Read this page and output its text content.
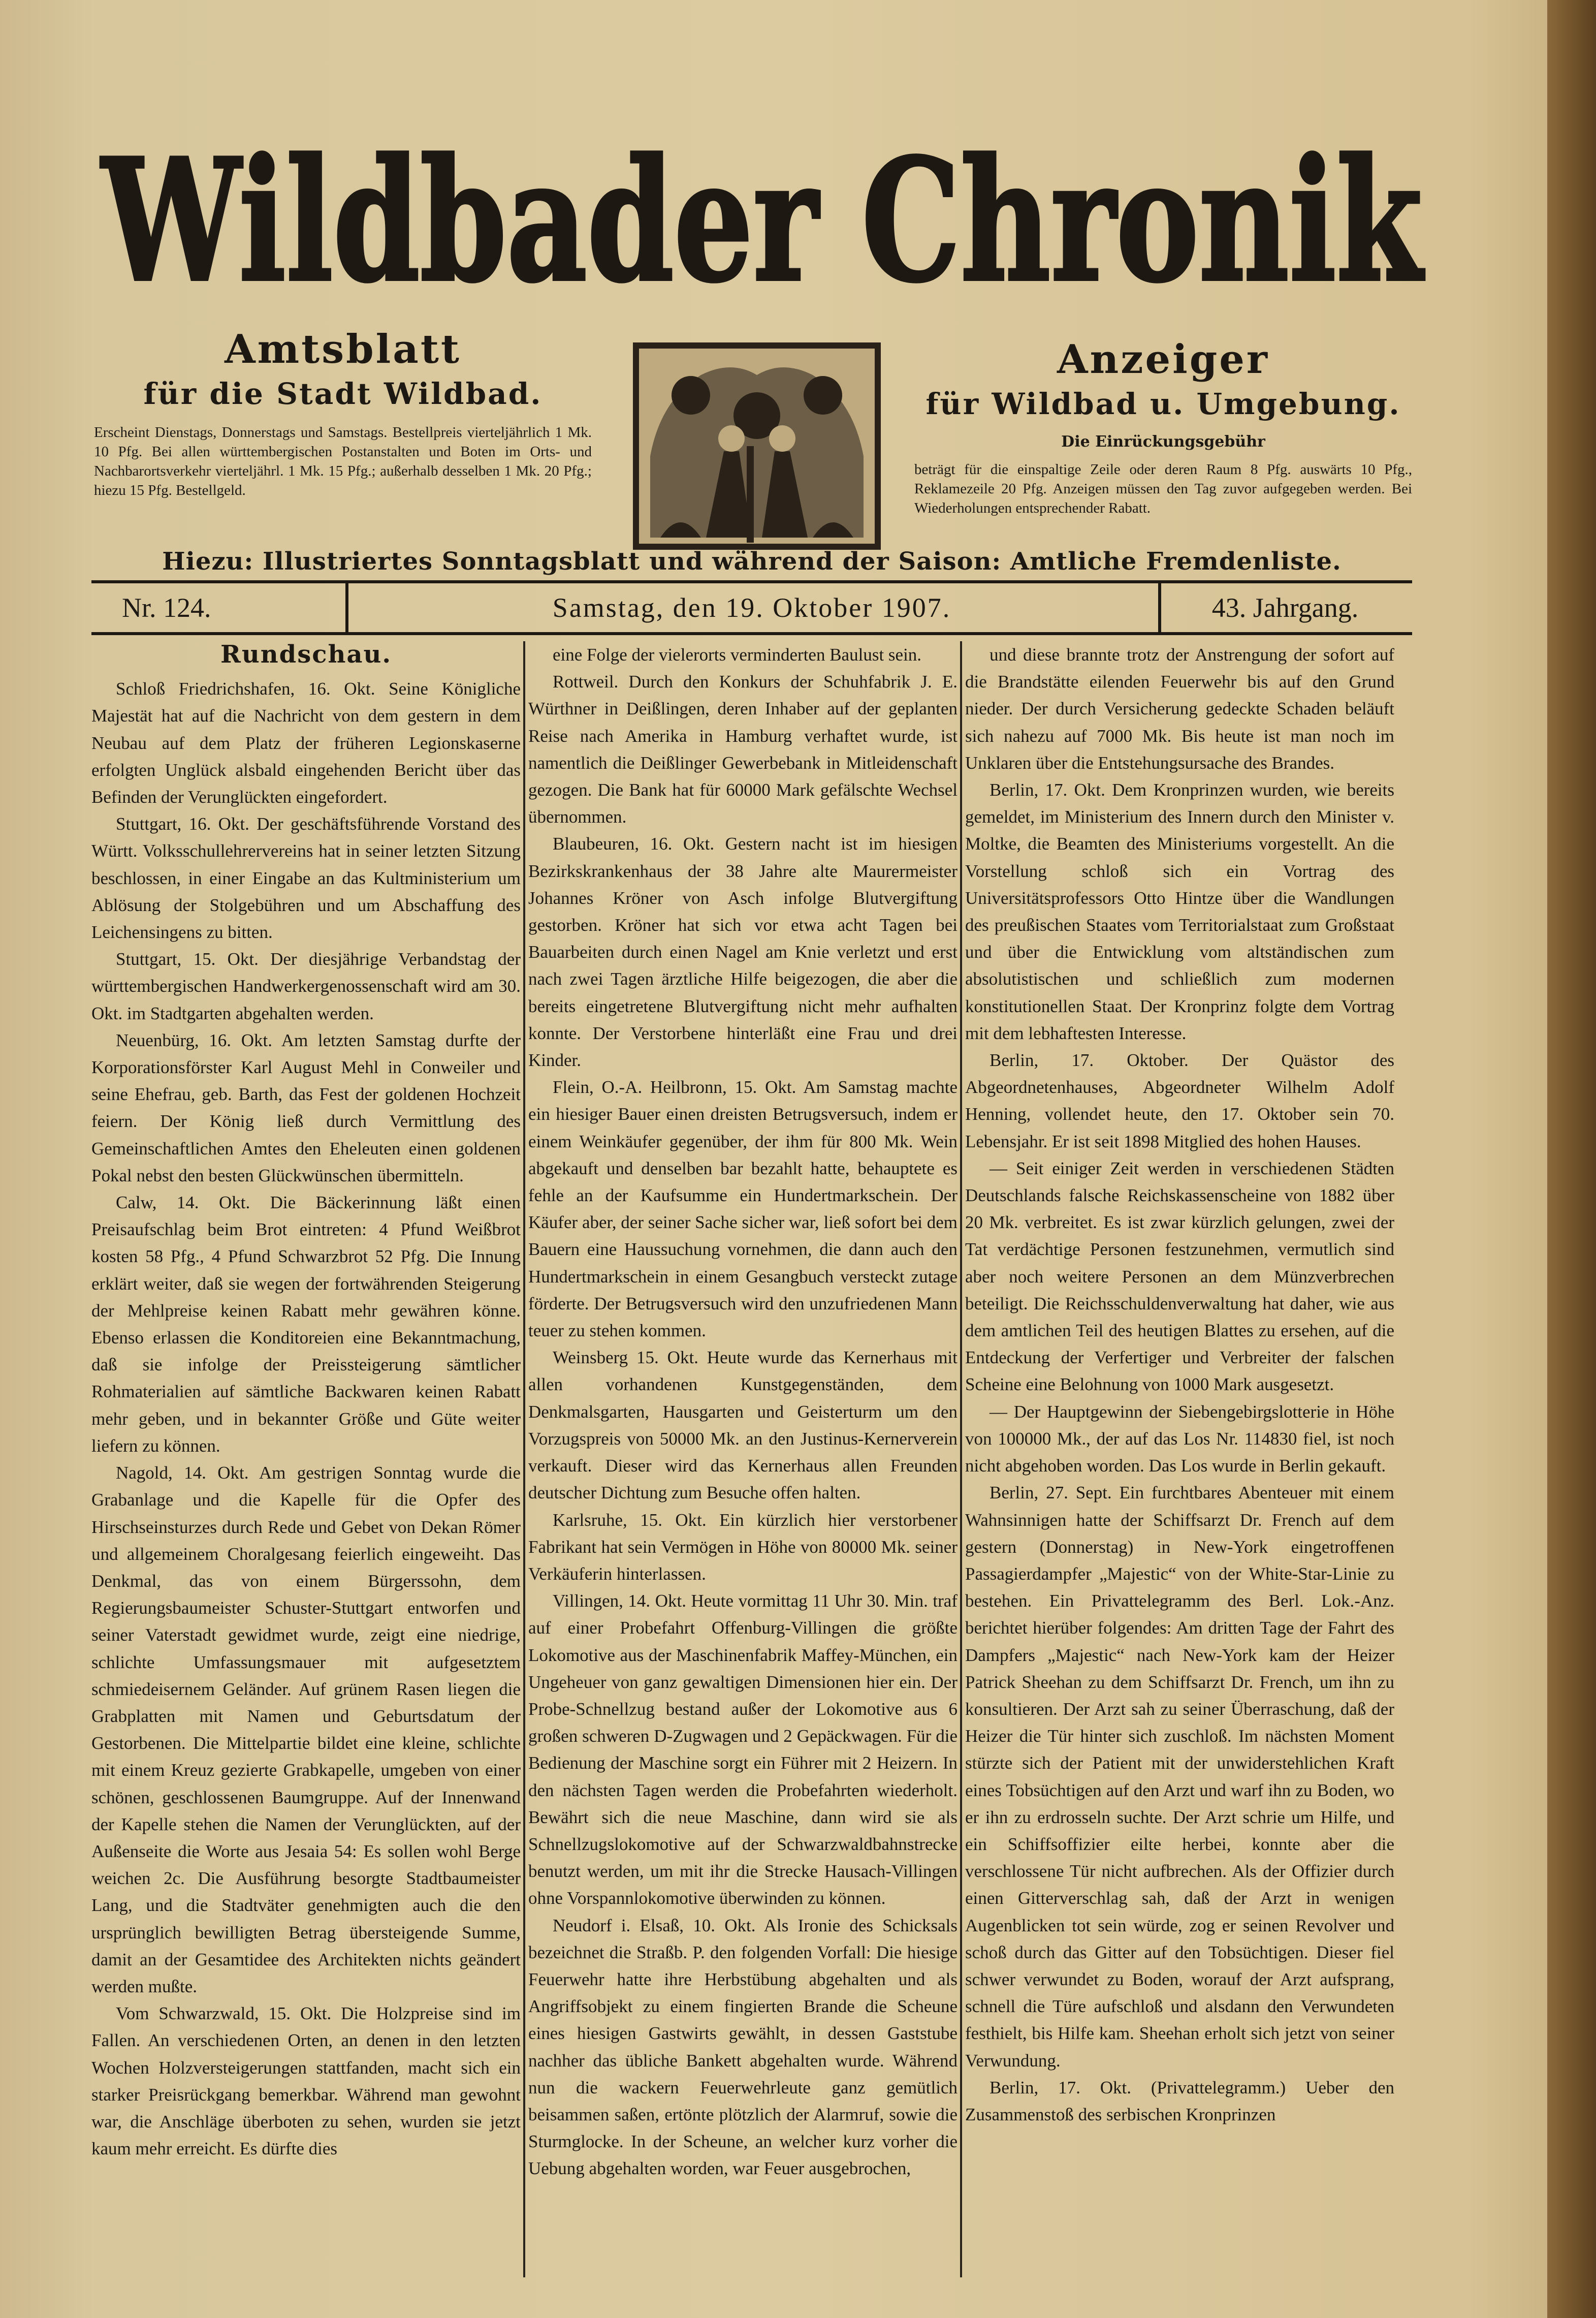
Wildbader Chronik
Amtsblatt
für die Stadt Wildbad.
Erscheint Dienstags, Donnerstags und Samstags. Bestellpreis vierteljährlich 1 Mk. 10 Pfg. Bei allen württembergischen Postanstalten und Boten im Orts- und Nachbarortsverkehr vierteljährl. 1 Mk. 15 Pfg.; außerhalb desselben 1 Mk. 20 Pfg.; hiezu 15 Pfg. Bestellgeld.
Anzeiger
für Wildbad u. Umgebung.
Die Einrückungsgebühr
beträgt für die einspaltige Zeile oder deren Raum 8 Pfg. auswärts 10 Pfg., Reklamezeile 20 Pfg. Anzeigen müssen den Tag zuvor aufgegeben werden. Bei Wiederholungen entsprechender Rabatt.
Hiezu: Illustriertes Sonntagsblatt und während der Saison: Amtliche Fremdenliste.
Nr. 124.	Samstag, den 19. Oktober 1907.	43. Jahrgang.
Rundschau.

Schloß Friedrichshafen, 16. Okt. Seine Königliche Majestät hat auf die Nachricht von dem gestern in dem Neubau auf dem Platz der früheren Legionskaserne erfolgten Unglück alsbald eingehenden Bericht über das Befinden der Verunglückten eingefordert.

Stuttgart, 16. Okt. Der geschäftsführende Vorstand des Württ. Volksschullehrervereins hat in seiner letzten Sitzung beschlossen, in einer Eingabe an das Kultministerium um Ablösung der Stolgebühren und um Abschaffung des Leichensingens zu bitten.

Stuttgart, 15. Okt. Der diesjährige Verbandstag der württembergischen Handwerkergenossenschaft wird am 30. Okt. im Stadtgarten abgehalten werden.

Neuenbürg, 16. Okt. Am letzten Samstag durfte der Korporationsförster Karl August Mehl in Conweiler und seine Ehefrau, geb. Barth, das Fest der goldenen Hochzeit feiern. Der König ließ durch Vermittlung des Gemeinschaftlichen Amtes den Eheleuten einen goldenen Pokal nebst den besten Glückwünschen übermitteln.

Calw, 14. Okt. Die Bäckerinnung läßt einen Preisaufschlag beim Brot eintreten: 4 Pfund Weißbrot kosten 58 Pfg., 4 Pfund Schwarzbrot 52 Pfg. Die Innung erklärt weiter, daß sie wegen der fortwährenden Steigerung der Mehlpreise keinen Rabatt mehr gewähren könne. Ebenso erlassen die Konditoreien eine Bekanntmachung, daß sie infolge der Preissteigerung sämtlicher Rohmaterialien auf sämtliche Backwaren keinen Rabatt mehr geben, und in bekannter Größe und Güte weiter liefern zu können.

Nagold, 14. Okt. Am gestrigen Sonntag wurde die Grabanlage und die Kapelle für die Opfer des Hirschseinsturzes durch Rede und Gebet von Dekan Römer und allgemeinem Choralgesang feierlich eingeweiht. Das Denkmal, das von einem Bürgerssohn, dem Regierungsbaumeister Schuster-Stuttgart entworfen und seiner Vaterstadt gewidmet wurde, zeigt eine niedrige, schlichte Umfassungsmauer mit aufgesetztem schmiedeisernem Geländer. Auf grünem Rasen liegen die Grabplatten mit Namen und Geburtsdatum der Gestorbenen. Die Mittelpartie bildet eine kleine, schlichte mit einem Kreuz gezierte Grabkapelle, umgeben von einer schönen, geschlossenen Baumgruppe. Auf der Innenwand der Kapelle stehen die Namen der Verunglückten, auf der Außenseite die Worte aus Jesaia 54: Es sollen wohl Berge weichen 2c. Die Ausführung besorgte Stadtbaumeister Lang, und die Stadtväter genehmigten auch die den ursprünglich bewilligten Betrag übersteigende Summe, damit an der Gesamtidee des Architekten nichts geändert werden mußte.

Vom Schwarzwald, 15. Okt. Die Holzpreise sind im Fallen. An verschiedenen Orten, an denen in den letzten Wochen Holzversteigerungen stattfanden, macht sich ein starker Preisrückgang bemerkbar. Während man gewohnt war, die Anschläge überboten zu sehen, wurden sie jetzt kaum mehr erreicht. Es dürfte dies

eine Folge der vielerorts verminderten Baulust sein.

Rottweil. Durch den Konkurs der Schuhfabrik J. E. Würthner in Deißlingen, deren Inhaber auf der geplanten Reise nach Amerika in Hamburg verhaftet wurde, ist namentlich die Deißlinger Gewerbebank in Mitleidenschaft gezogen. Die Bank hat für 60000 Mark gefälschte Wechsel übernommen.

Blaubeuren, 16. Okt. Gestern nacht ist im hiesigen Bezirkskrankenhaus der 38 Jahre alte Maurermeister Johannes Kröner von Asch infolge Blutvergiftung gestorben. Kröner hat sich vor etwa acht Tagen bei Bauarbeiten durch einen Nagel am Knie verletzt und erst nach zwei Tagen ärztliche Hilfe beigezogen, die aber die bereits eingetretene Blutvergiftung nicht mehr aufhalten konnte. Der Verstorbene hinterläßt eine Frau und drei Kinder.

Flein, O.-A. Heilbronn, 15. Okt. Am Samstag machte ein hiesiger Bauer einen dreisten Betrugsversuch, indem er einem Weinkäufer gegenüber, der ihm für 800 Mk. Wein abgekauft und denselben bar bezahlt hatte, behauptete es fehle an der Kaufsumme ein Hundertmarkschein. Der Käufer aber, der seiner Sache sicher war, ließ sofort bei dem Bauern eine Haussuchung vornehmen, die dann auch den Hundertmarkschein in einem Gesangbuch versteckt zutage förderte. Der Betrugsversuch wird den unzufriedenen Mann teuer zu stehen kommen.

Weinsberg 15. Okt. Heute wurde das Kernerhaus mit allen vorhandenen Kunstgegenständen, dem Denkmalsgarten, Hausgarten und Geisterturm um den Vorzugspreis von 50000 Mk. an den Justinus-Kernerverein verkauft. Dieser wird das Kernerhaus allen Freunden deutscher Dichtung zum Besuche offen halten.

Karlsruhe, 15. Okt. Ein kürzlich hier verstorbener Fabrikant hat sein Vermögen in Höhe von 80000 Mk. seiner Verkäuferin hinterlassen.

Villingen, 14. Okt. Heute vormittag 11 Uhr 30. Min. traf auf einer Probefahrt Offenburg-Villingen die größte Lokomotive aus der Maschinenfabrik Maffey-München, ein Ungeheuer von ganz gewaltigen Dimensionen hier ein. Der Probe-Schnellzug bestand außer der Lokomotive aus 6 großen schweren D-Zugwagen und 2 Gepäckwagen. Für die Bedienung der Maschine sorgt ein Führer mit 2 Heizern. In den nächsten Tagen werden die Probefahrten wiederholt. Bewährt sich die neue Maschine, dann wird sie als Schnellzugslokomotive auf der Schwarzwaldbahnstrecke benutzt werden, um mit ihr die Strecke Hausach-Villingen ohne Vorspannlokomotive überwinden zu können.

Neudorf i. Elsaß, 10. Okt. Als Ironie des Schicksals bezeichnet die Straßb. P. den folgenden Vorfall: Die hiesige Feuerwehr hatte ihre Herbstübung abgehalten und als Angriffsobjekt zu einem fingierten Brande die Scheune eines hiesigen Gastwirts gewählt, in dessen Gaststube nachher das übliche Bankett abgehalten wurde. Während nun die wackern Feuerwehrleute ganz gemütlich beisammen saßen, ertönte plötzlich der Alarmruf, sowie die Sturmglocke. In der Scheune, an welcher kurz vorher die Uebung abgehalten worden, war Feuer ausgebrochen,

und diese brannte trotz der Anstrengung der sofort auf die Brandstätte eilenden Feuerwehr bis auf den Grund nieder. Der durch Versicherung gedeckte Schaden beläuft sich nahezu auf 7000 Mk. Bis heute ist man noch im Unklaren über die Entstehungsursache des Brandes.

Berlin, 17. Okt. Dem Kronprinzen wurden, wie bereits gemeldet, im Ministerium des Innern durch den Minister v. Moltke, die Beamten des Ministeriums vorgestellt. An die Vorstellung schloß sich ein Vortrag des Universitätsprofessors Otto Hintze über die Wandlungen des preußischen Staates vom Territorialstaat zum Großstaat und über die Entwicklung vom altständischen zum absolutistischen und schließlich zum modernen konstitutionellen Staat. Der Kronprinz folgte dem Vortrag mit dem lebhaftesten Interesse.

Berlin, 17. Oktober. Der Quästor des Abgeordnetenhauses, Abgeordneter Wilhelm Adolf Henning, vollendet heute, den 17. Oktober sein 70. Lebensjahr. Er ist seit 1898 Mitglied des hohen Hauses.

— Seit einiger Zeit werden in verschiedenen Städten Deutschlands falsche Reichskassenscheine von 1882 über 20 Mk. verbreitet. Es ist zwar kürzlich gelungen, zwei der Tat verdächtige Personen festzunehmen, vermutlich sind aber noch weitere Personen an dem Münzverbrechen beteiligt. Die Reichsschuldenverwaltung hat daher, wie aus dem amtlichen Teil des heutigen Blattes zu ersehen, auf die Entdeckung der Verfertiger und Verbreiter der falschen Scheine eine Belohnung von 1000 Mark ausgesetzt.

— Der Hauptgewinn der Siebengebirgslotterie in Höhe von 100000 Mk., der auf das Los Nr. 114830 fiel, ist noch nicht abgehoben worden. Das Los wurde in Berlin gekauft.

Berlin, 27. Sept. Ein furchtbares Abenteuer mit einem Wahnsinnigen hatte der Schiffsarzt Dr. French auf dem gestern (Donnerstag) in New-York eingetroffenen Passagierdampfer „Majestic“ von der White-Star-Linie zu bestehen. Ein Privattelegramm des Berl. Lok.-Anz. berichtet hierüber folgendes: Am dritten Tage der Fahrt des Dampfers „Majestic“ nach New-York kam der Heizer Patrick Sheehan zu dem Schiffsarzt Dr. French, um ihn zu konsultieren. Der Arzt sah zu seiner Überraschung, daß der Heizer die Tür hinter sich zuschloß. Im nächsten Moment stürzte sich der Patient mit der unwiderstehlichen Kraft eines Tobsüchtigen auf den Arzt und warf ihn zu Boden, wo er ihn zu erdrosseln suchte. Der Arzt schrie um Hilfe, und ein Schiffsoffizier eilte herbei, konnte aber die verschlossene Tür nicht aufbrechen. Als der Offizier durch einen Gitterverschlag sah, daß der Arzt in wenigen Augenblicken tot sein würde, zog er seinen Revolver und schoß durch das Gitter auf den Tobsüchtigen. Dieser fiel schwer verwundet zu Boden, worauf der Arzt aufsprang, schnell die Türe aufschloß und alsdann den Verwundeten festhielt, bis Hilfe kam. Sheehan erholt sich jetzt von seiner Verwundung.

Berlin, 17. Okt. (Privattelegramm.) Ueber den Zusammenstoß des serbischen Kronprinzen
